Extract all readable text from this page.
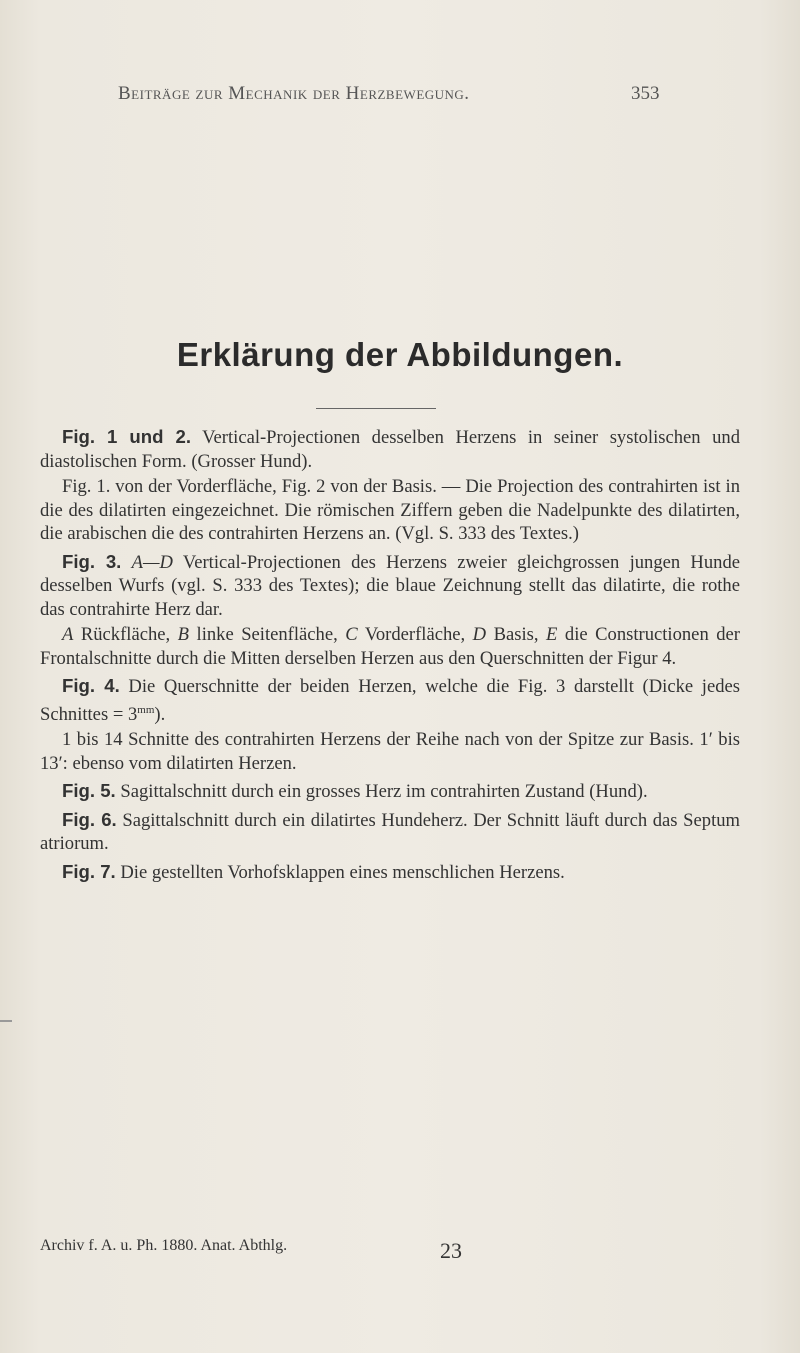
Beiträge zur Mechanik der Herzbewegung.	353
Erklärung der Abbildungen.

Fig. 1 und 2. Vertical-Projectionen desselben Herzens in seiner systolischen und diastolischen Form. (Grosser Hund).

Fig. 1. von der Vorderfläche, Fig. 2 von der Basis. — Die Projection des contrahirten ist in die des dilatirten eingezeichnet. Die römischen Ziffern geben die Nadelpunkte des dilatirten, die arabischen die des contrahirten Herzens an. (Vgl. S. 333 des Textes.)

Fig. 3. A—D Vertical-Projectionen des Herzens zweier gleichgrossen jungen Hunde desselben Wurfs (vgl. S. 333 des Textes); die blaue Zeichnung stellt das dilatirte, die rothe das contrahirte Herz dar.

A Rückfläche, B linke Seitenfläche, C Vorderfläche, D Basis, E die Constructionen der Frontalschnitte durch die Mitten derselben Herzen aus den Querschnitten der Figur 4.

Fig. 4. Die Querschnitte der beiden Herzen, welche die Fig. 3 darstellt (Dicke jedes Schnittes = $3^{mm}$).

1 bis 14 Schnitte des contrahirten Herzens der Reihe nach von der Spitze zur Basis. 1′ bis 13′: ebenso vom dilatirten Herzen.

Fig. 5. Sagittalschnitt durch ein grosses Herz im contrahirten Zustand (Hund).

Fig. 6. Sagittalschnitt durch ein dilatirtes Hundeherz. Der Schnitt läuft durch das Septum atriorum.

Fig. 7. Die gestellten Vorhofsklappen eines menschlichen Herzens.

Archiv f. A. u. Ph. 1880. Anat. Abthlg.	23
